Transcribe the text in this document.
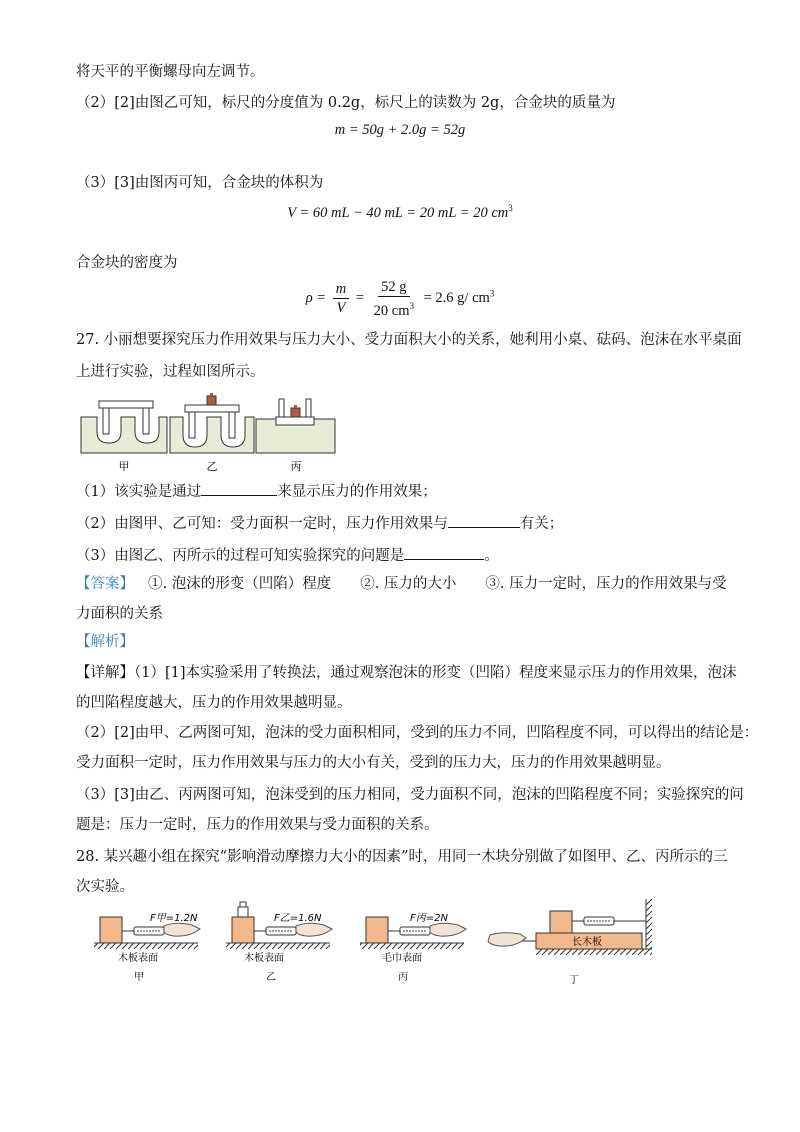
将天平的平衡螺母向左调节。
（2）[2]由图乙可知，标尺的分度值为 0.2g，标尺上的读数为 2g，合金块的质量为
m = 50g + 2.0g = 52g
（3）[3]由图丙可知，合金块的体积为
V = 60 mL − 40 mL = 20 mL = 20 $cm^3$
合金块的密度为
$\rho = \frac{m}{V} = \frac{52 g}{20 cm^3} = 2.6$ g/ $cm^3$
27. 小丽想要探究压力作用效果与压力大小、受力面积大小的关系，她利用小桌、砝码、泡沫在水平桌面
上进行实验，过程如图所示。
甲	乙	丙
（1）该实验是通过	来显示压力的作用效果；
（2）由图甲、乙可知：受力面积一定时，压力作用效果与	有关；
（3）由图乙、丙所示的过程可知实验探究的问题是	。
【答案】 ①. 泡沫的形变（凹陷）程度　　②. 压力的大小　　③. 压力一定时，压力的作用效果与受
力面积的关系
【解析】
【详解】（1）[1]本实验采用了转换法，通过观察泡沫的形变（凹陷）程度来显示压力的作用效果，泡沫
的凹陷程度越大，压力的作用效果越明显。
（2）[2]由甲、乙两图可知，泡沫的受力面积相同，受到的压力不同，凹陷程度不同，可以得出的结论是：
受力面积一定时，压力作用效果与压力的大小有关，受到的压力大，压力的作用效果越明显。
（3）[3]由乙、丙两图可知，泡沫受到的压力相同，受力面积不同，泡沫的凹陷程度不同；实验探究的问
题是：压力一定时，压力的作用效果与受力面积的关系。
28. 某兴趣小组在探究“影响滑动摩擦力大小的因素”时，用同一木块分别做了如图甲、乙、丙所示的三
次实验。
F甲=1.2N
木板表面
甲
F乙=1.6N
木板表面
乙
F丙=2N
毛巾表面
丙
长木板
丁
